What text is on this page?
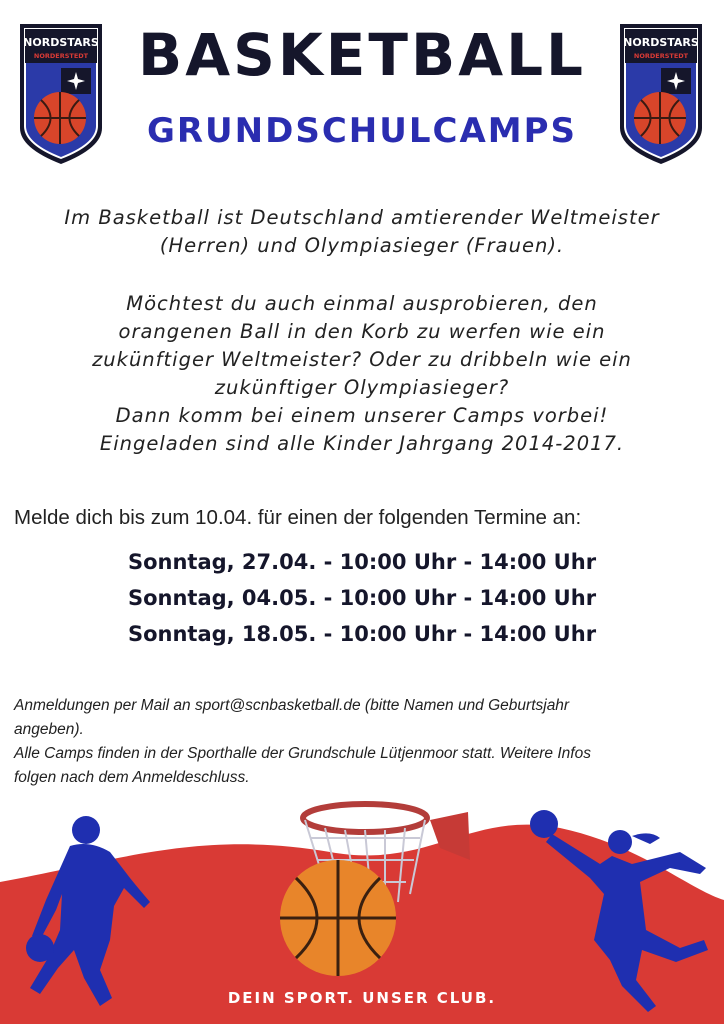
NORDSTARS
NORDERSTEDT
NORDSTARS
NORDERSTEDT
BASKETBALL
GRUNDSCHULCAMPS

Im Basketball ist Deutschland amtierender Weltmeister

(Herren) und Olympiasieger (Frauen).

Möchtest du auch einmal ausprobieren, den

orangenen Ball in den Korb zu werfen wie ein

zukünftiger Weltmeister? Oder zu dribbeln wie ein

zukünftiger Olympiasieger?

Dann komm bei einem unserer Camps vorbei!

Eingeladen sind alle Kinder Jahrgang 2014-2017.

Melde dich bis zum 10.04. für einen der folgenden Termine an:
Sonntag, 27.04. - 10:00 Uhr - 14:00 Uhr
Sonntag, 04.05. - 10:00 Uhr - 14:00 Uhr
Sonntag, 18.05. - 10:00 Uhr - 14:00 Uhr
Anmeldungen per Mail an sport@scnbasketball.de (bitte Namen und Geburtsjahr
angeben).
Alle Camps finden in der Sporthalle der Grundschule Lütjenmoor statt. Weitere Infos
folgen nach dem Anmeldeschluss.
DEIN SPORT. UNSER CLUB.
